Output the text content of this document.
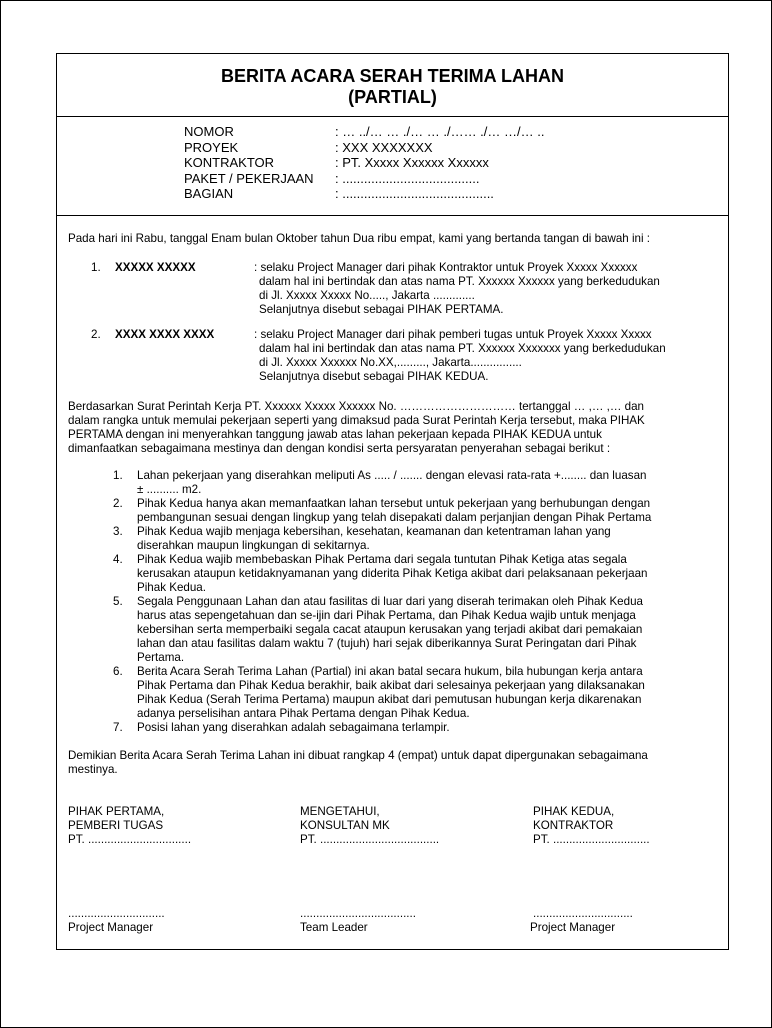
BERITA ACARA SERAH TERIMA LAHAN
(PARTIAL)
NOMOR	: … ../… … ./… … ./…… ./… …/… ..
PROYEK	: XXX XXXXXXX
KONTRAKTOR	: PT. Xxxxx Xxxxxx Xxxxxx
PAKET / PEKERJAAN : ......................................
BAGIAN	: ..........................................
Pada hari ini Rabu, tanggal Enam bulan Oktober tahun Dua ribu empat, kami yang bertanda tangan di bawah ini :
1. XXXXX XXXXX	: selaku Project Manager dari pihak Kontraktor untuk Proyek Xxxxx Xxxxxx
dalam hal ini bertindak dan atas nama PT. Xxxxxx Xxxxxx yang berkedudukan
di Jl. Xxxxx Xxxxx No....., Jakarta .............
Selanjutnya disebut sebagai PIHAK PERTAMA.
2. XXXX XXXX XXXX	: selaku Project Manager dari pihak pemberi tugas untuk Proyek Xxxxx Xxxxx
dalam hal ini bertindak dan atas nama PT. Xxxxxx Xxxxxxx yang berkedudukan
di Jl. Xxxxx Xxxxxx No.XX,........., Jakarta................
Selanjutnya disebut sebagai PIHAK KEDUA.
Berdasarkan Surat Perintah Kerja PT. Xxxxxx Xxxxx Xxxxxx No. ………………………… tertanggal … ,… ,… dan
dalam rangka untuk memulai pekerjaan seperti yang dimaksud pada Surat Perintah Kerja tersebut, maka PIHAK
PERTAMA dengan ini menyerahkan tanggung jawab atas lahan pekerjaan kepada PIHAK KEDUA untuk
dimanfaatkan sebagaimana mestinya dan dengan kondisi serta persyaratan penyerahan sebagai berikut :
1. Lahan pekerjaan yang diserahkan meliputi As ..... / ....... dengan elevasi rata-rata +........ dan luasan
± .......... m2.
2. Pihak Kedua hanya akan memanfaatkan lahan tersebut untuk pekerjaan yang berhubungan dengan
pembangunan sesuai dengan lingkup yang telah disepakati dalam perjanjian dengan Pihak Pertama
3. Pihak Kedua wajib menjaga kebersihan, kesehatan, keamanan dan ketentraman lahan yang
diserahkan maupun lingkungan di sekitarnya.
4. Pihak Kedua wajib membebaskan Pihak Pertama dari segala tuntutan Pihak Ketiga atas segala
kerusakan ataupun ketidaknyamanan yang diderita Pihak Ketiga akibat dari pelaksanaan pekerjaan
Pihak Kedua.
5. Segala Penggunaan Lahan dan atau fasilitas di luar dari yang diserah terimakan oleh Pihak Kedua
harus atas sepengetahuan dan se-ijin dari Pihak Pertama, dan Pihak Kedua wajib untuk menjaga
kebersihan serta memperbaiki segala cacat ataupun kerusakan yang terjadi akibat dari pemakaian
lahan dan atau fasilitas dalam waktu 7 (tujuh) hari sejak diberikannya Surat Peringatan dari Pihak
Pertama.
6. Berita Acara Serah Terima Lahan (Partial) ini akan batal secara hukum, bila hubungan kerja antara
Pihak Pertama dan Pihak Kedua berakhir, baik akibat dari selesainya pekerjaan yang dilaksanakan
Pihak Kedua (Serah Terima Pertama) maupun akibat dari pemutusan hubungan kerja dikarenakan
adanya perselisihan antara Pihak Pertama dengan Pihak Kedua.
7. Posisi lahan yang diserahkan adalah sebagaimana terlampir.
Demikian Berita Acara Serah Terima Lahan ini dibuat rangkap 4 (empat) untuk dapat dipergunakan sebagaimana
mestinya.
PIHAK PERTAMA,
PEMBERI TUGAS
PT. ................................
MENGETAHUI,
KONSULTAN MK
PT. .....................................
PIHAK KEDUA,
KONTRAKTOR
PT. ..............................
..............................
Project Manager
....................................
Team Leader
...............................
Project Manager
